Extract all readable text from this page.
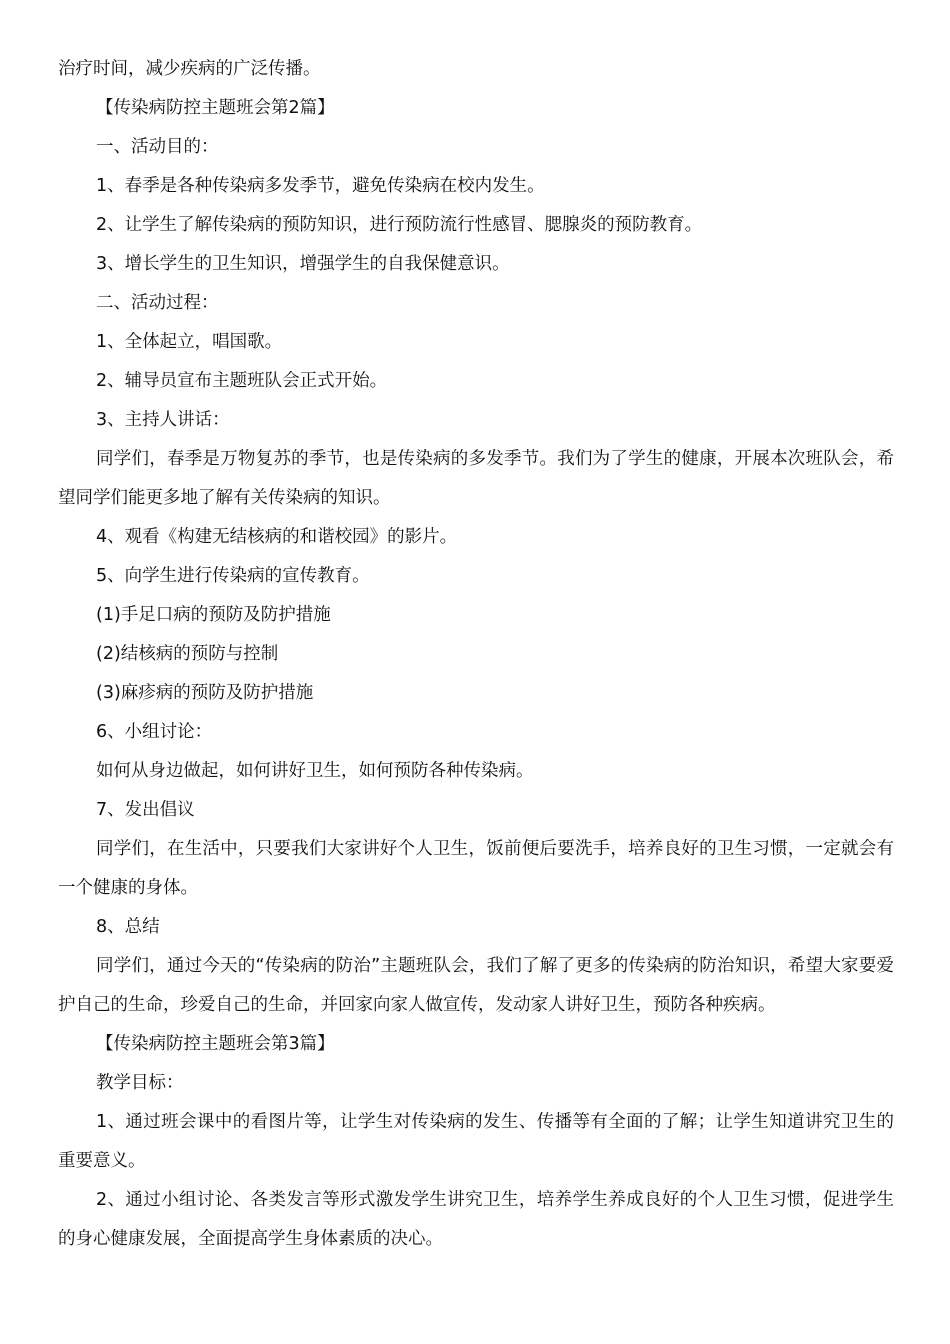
治疗时间，减少疾病的广泛传播。

【传染病防控主题班会第2篇】

一、活动目的：

1、春季是各种传染病多发季节，避免传染病在校内发生。

2、让学生了解传染病的预防知识，进行预防流行性感冒、腮腺炎的预防教育。

3、增长学生的卫生知识，增强学生的自我保健意识。

二、活动过程：

1、全体起立，唱国歌。

2、辅导员宣布主题班队会正式开始。

3、主持人讲话：

同学们，春季是万物复苏的季节，也是传染病的多发季节。我们为了学生的健康，开展本次班队会，希望同学们能更多地了解有关传染病的知识。

4、观看《构建无结核病的和谐校园》的影片。

5、向学生进行传染病的宣传教育。

(1)手足口病的预防及防护措施

(2)结核病的预防与控制

(3)麻疹病的预防及防护措施

6、小组讨论：

如何从身边做起，如何讲好卫生，如何预防各种传染病。

7、发出倡议

同学们，在生活中，只要我们大家讲好个人卫生，饭前便后要洗手，培养良好的卫生习惯，一定就会有一个健康的身体。

8、总结

同学们，通过今天的“传染病的防治”主题班队会，我们了解了更多的传染病的防治知识，希望大家要爱护自己的生命，珍爱自己的生命，并回家向家人做宣传，发动家人讲好卫生，预防各种疾病。

【传染病防控主题班会第3篇】

教学目标：

1、通过班会课中的看图片等，让学生对传染病的发生、传播等有全面的了解；让学生知道讲究卫生的重要意义。

2、通过小组讨论、各类发言等形式激发学生讲究卫生，培养学生养成良好的个人卫生习惯，促进学生的身心健康发展，全面提高学生身体素质的决心。
